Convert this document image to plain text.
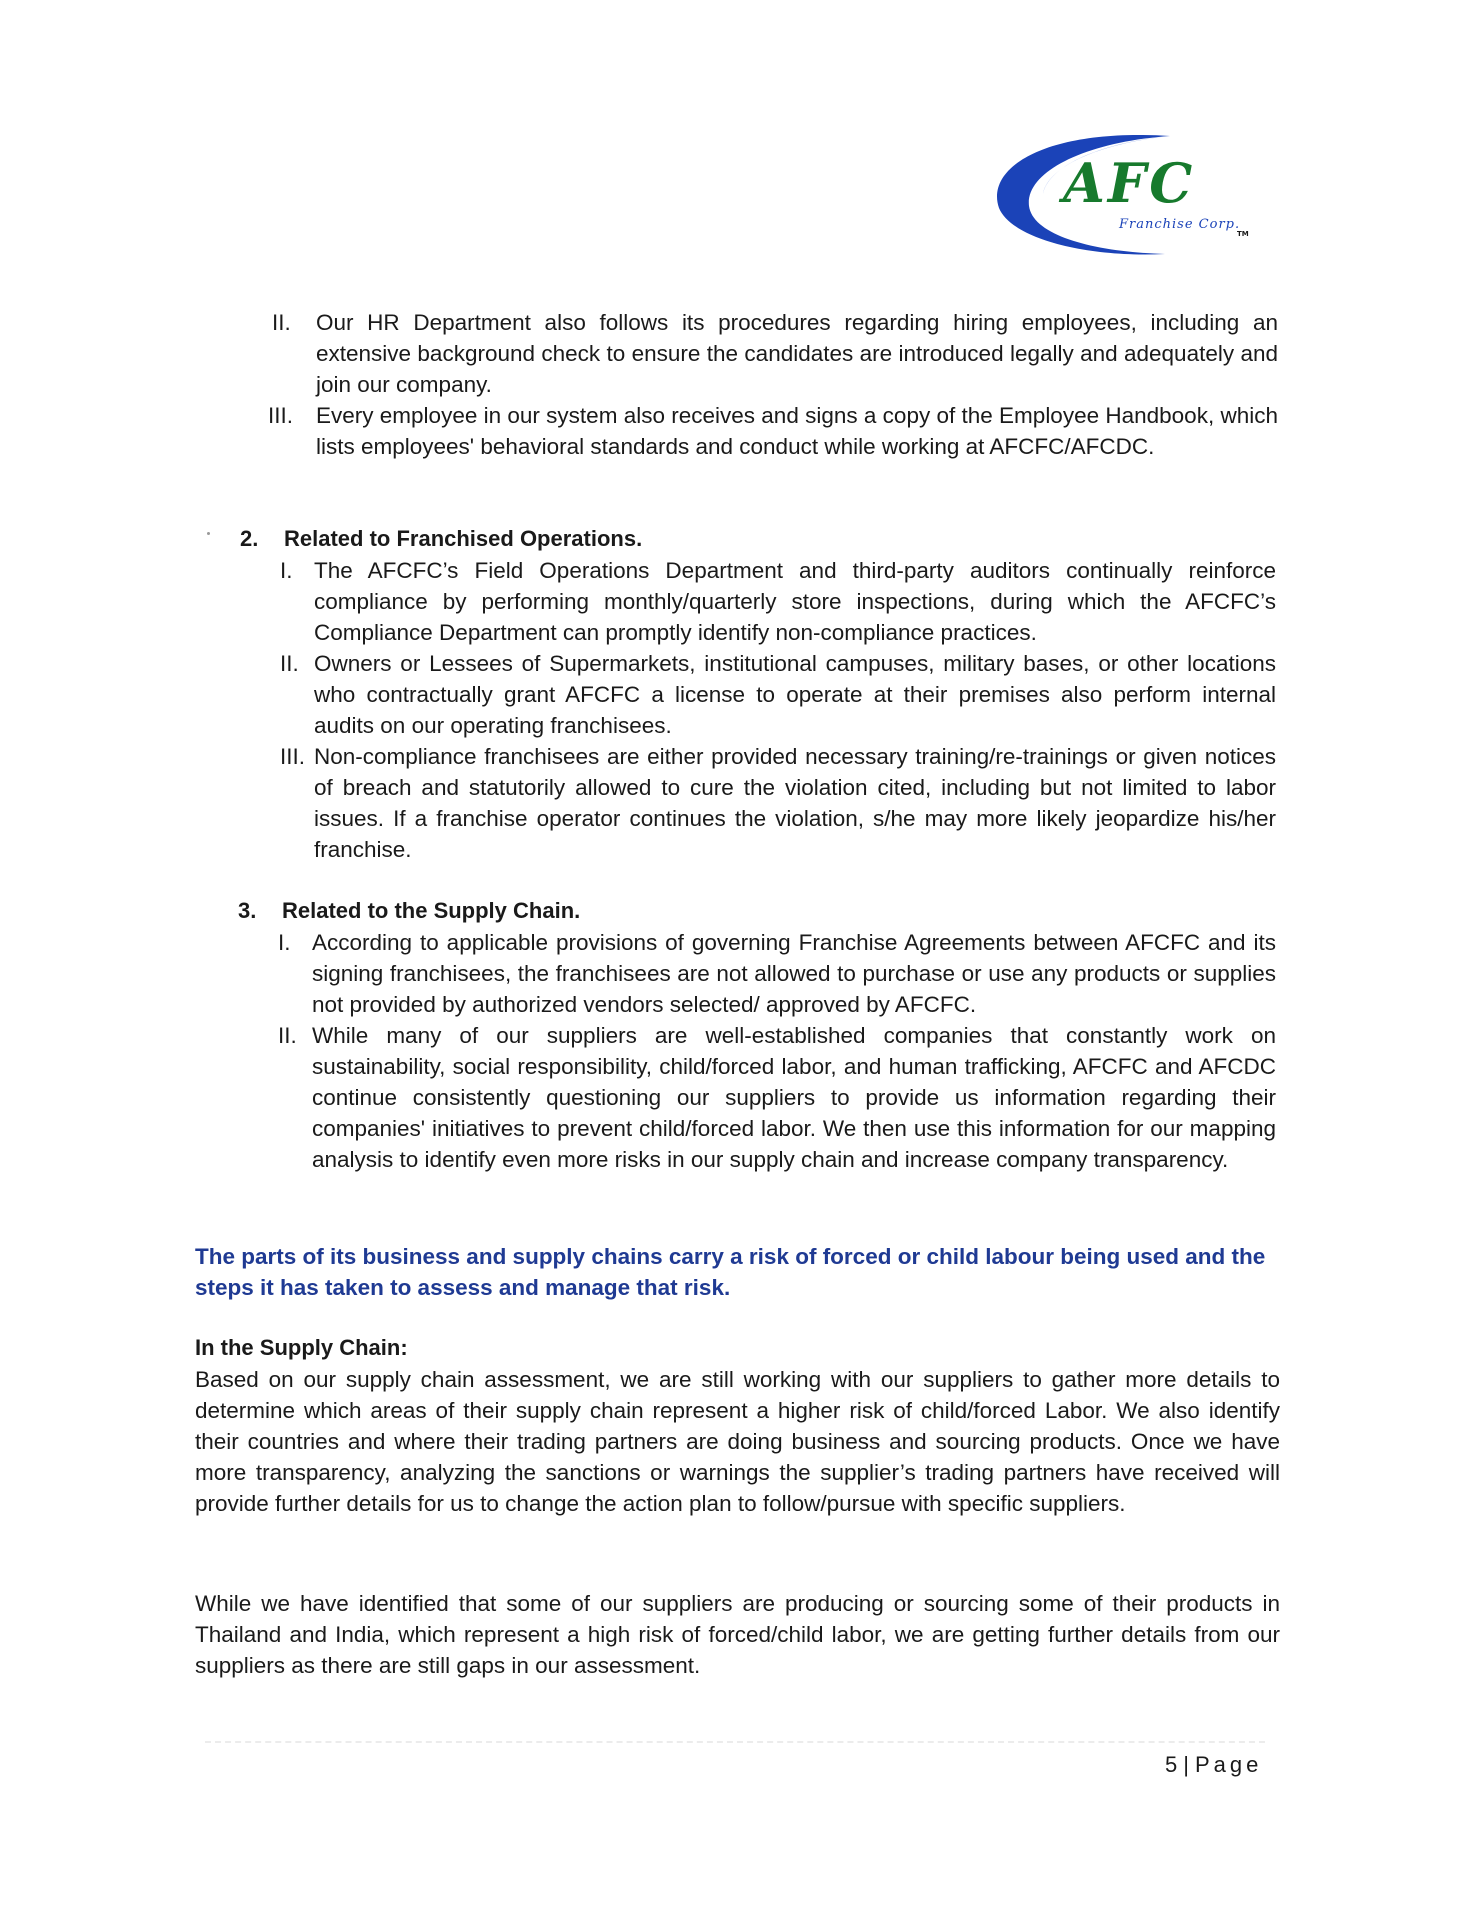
AFC
Franchise Corp.
TM
II. Our HR Department also follows its procedures regarding hiring employees, including an extensive background check to ensure the candidates are introduced legally and adequately and join our company.
III. Every employee in our system also receives and signs a copy of the Employee Handbook, which lists employees' behavioral standards and conduct while working at AFCFC/AFCDC.
2. Related to Franchised Operations.
I. The AFCFC’s Field Operations Department and third-party auditors continually reinforce compliance by performing monthly/quarterly store inspections, during which the AFCFC’s Compliance Department can promptly identify non-compliance practices.
II. Owners or Lessees of Supermarkets, institutional campuses, military bases, or other locations who contractually grant AFCFC a license to operate at their premises also perform internal audits on our operating franchisees.
III. Non-compliance franchisees are either provided necessary training/re-trainings or given notices of breach and statutorily allowed to cure the violation cited, including but not limited to labor issues. If a franchise operator continues the violation, s/he may more likely jeopardize his/her franchise.
3. Related to the Supply Chain.
I. According to applicable provisions of governing Franchise Agreements between AFCFC and its signing franchisees, the franchisees are not allowed to purchase or use any products or supplies not provided by authorized vendors selected/ approved by AFCFC.
II. While many of our suppliers are well-established companies that constantly work on sustainability, social responsibility, child/forced labor, and human trafficking, AFCFC and AFCDC continue consistently questioning our suppliers to provide us information regarding their companies' initiatives to prevent child/forced labor. We then use this information for our mapping analysis to identify even more risks in our supply chain and increase company transparency.
The parts of its business and supply chains carry a risk of forced or child labour being used and the steps it has taken to assess and manage that risk.
In the Supply Chain:
Based on our supply chain assessment, we are still working with our suppliers to gather more details to determine which areas of their supply chain represent a higher risk of child/forced Labor. We also identify their countries and where their trading partners are doing business and sourcing products. Once we have more transparency, analyzing the sanctions or warnings the supplier’s trading partners have received will provide further details for us to change the action plan to follow/pursue with specific suppliers.
While we have identified that some of our suppliers are producing or sourcing some of their products in Thailand and India, which represent a high risk of forced/child labor, we are getting further details from our suppliers as there are still gaps in our assessment.
5 | Page
